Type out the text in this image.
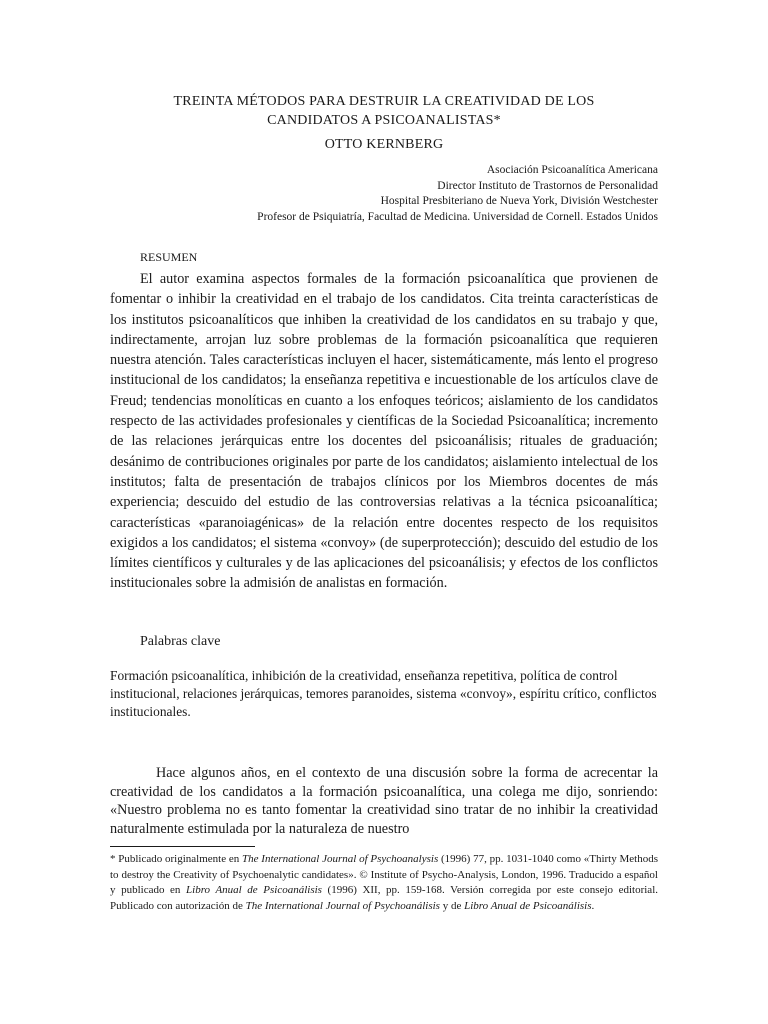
TREINTA MÉTODOS PARA DESTRUIR LA CREATIVIDAD DE LOS
CANDIDATOS A PSICOANALISTAS*
OTTO KERNBERG
Asociación Psicoanalítica Americana
Director Instituto de Trastornos de Personalidad
Hospital Presbiteriano de Nueva York, División Westchester
Profesor de Psiquiatría, Facultad de Medicina. Universidad de Cornell. Estados Unidos
RESUMEN

El autor examina aspectos formales de la formación psicoanalítica que provienen de fomentar o inhibir la creatividad en el trabajo de los candidatos. Cita treinta características de los institutos psicoanalíticos que inhiben la creatividad de los candidatos en su trabajo y que, indirectamente, arrojan luz sobre problemas de la formación psicoanalítica que requieren nuestra atención. Tales características incluyen el hacer, sistemáticamente, más lento el progreso institucional de los candidatos; la enseñanza repetitiva e incuestionable de los artículos clave de Freud; tendencias monolíticas en cuanto a los enfoques teóricos; aislamiento de los candidatos respecto de las actividades profesionales y científicas de la Sociedad Psicoanalítica; incremento de las relaciones jerárquicas entre los docentes del psicoanálisis; rituales de graduación; desánimo de contribuciones originales por parte de los candidatos; aislamiento intelectual de los institutos; falta de presentación de trabajos clínicos por los Miembros docentes de más experiencia; descuido del estudio de las controversias relativas a la técnica psicoanalítica; características «paranoiagénicas» de la relación entre docentes respecto de los requisitos exigidos a los candidatos; el sistema «convoy» (de superprotección); descuido del estudio de los límites científicos y culturales y de las aplicaciones del psicoanálisis; y efectos de los conflictos institucionales sobre la admisión de analistas en formación.

Palabras clave

Formación psicoanalítica, inhibición de la creatividad, enseñanza repetitiva, política de control institucional, relaciones jerárquicas, temores paranoides, sistema «convoy», espíritu crítico, conflictos institucionales.

Hace algunos años, en el contexto de una discusión sobre la forma de acrecentar la creatividad de los candidatos a la formación psicoanalítica, una colega me dijo, sonriendo: «Nuestro problema no es tanto fomentar la creatividad sino tratar de no inhibir la creatividad naturalmente estimulada por la naturaleza de nuestro

* Publicado originalmente en The International Journal of Psychoanalysis (1996) 77, pp. 1031-1040 como «Thirty Methods to destroy the Creativity of Psychoenalytic candidates». © Institute of Psycho-Analysis, London, 1996. Traducido a español y publicado en Libro Anual de Psicoanálisis (1996) XII, pp. 159-168. Versión corregida por este consejo editorial. Publicado con autorización de The International Journal of Psychoanálisis y de Libro Anual de Psicoanálisis.
